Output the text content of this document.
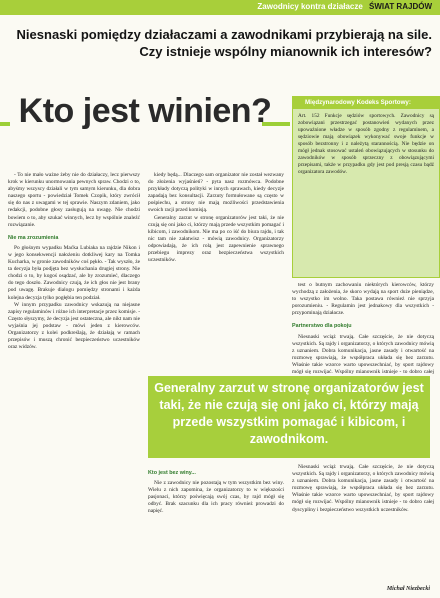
Zawodnicy kontra działacze ŚWIAT RAJDÓW
Niesnaski pomiędzy działaczami a zawodnikami przybierają na sile. Czy istnieje wspólny mianownik ich interesów?
Kto jest winien?	Międzynarodowy Kodeks Sportowy:
Art. 152 Funkcje sędziów sportowych. Zawodnicy są zobowiązani przestrzegać postanowień wydanych przez upoważnione władze w sposób zgodny z regulaminem, a sędziowie mają obowiązek wykonywać swoje funkcje w sposób bezstronny i z należytą starannością. Nie będzie on mógł jednak stosować ustaleń obowiązujących w stosunku do zawodników w sposób sprzeczny z obowiązującymi przepisami, także w przypadku gdy jest pod presją czasu bądź organizatora zawodów.

- To nie mało ważne żeby nie do działaczy, lecz pierwszy krok w kierunku unormowania pewnych spraw. Chodzi o to, abyśmy wszyscy działali w tym samym kierunku, dla dobra naszego sportu - powiedział Tomek Czopik, który zwrócił się do nas z uwagami w tej sprawie. Naszym zdaniem, jako redakcji, podobne głosy zasługują na uwagę. Nie chodzi bowiem o to, aby szukać winnych, lecz by wspólnie znaleźć rozwiązanie.

Nie ma zrozumienia

Po głośnym wypadku Maćka Lubiaka na rajdzie Nikon i w jego konsekwencji nałożeniu dotkliwej kary na Tomka Kucharka, w gronie zawodników coś pękło. - Tak wyszło, że ta decyzja była podjęta bez wysłuchania drugiej strony. Nie chodzi o to, by kogoś osądzać, ale by zrozumieć, dlaczego do tego doszło. Zawodnicy czują, że ich głos nie jest brany pod uwagę. Brakuje dialogu pomiędzy stronami i każda kolejna decyzja tylko pogłębia ten podział.

W innym przypadku zawodnicy wskazują na niejasne zapisy regulaminów i różne ich interpretacje przez komisje. - Często słyszymy, że decyzja jest ostateczna, ale nikt nam nie wyjaśnia jej podstaw - mówi jeden z kierowców. Organizatorzy z kolei podkreślają, że działają w ramach przepisów i muszą chronić bezpieczeństwo uczestników oraz widzów.

kiedy będą... Dlaczego sam organizator nie został wezwany do złożenia wyjaśnień? - pyta nasz rozmówca. Podobne przykłady dotyczą polityki w innych sprawach, kiedy decyzje zapadają bez konsultacji. Zarzuty formułowane są często w pośpiechu, a strony nie mają możliwości przedstawienia swoich racji przed komisją.

Generalny zarzut w stronę organizatorów jest taki, że nie czują się oni jako ci, którzy mają przede wszystkim pomagać i kibicom, i zawodnikom. Nie ma po co iść do biura rajdu, i tak nic tam nie załatwisz - mówią zawodnicy. Organizatorzy odpowiadają, że ich rolą jest zapewnienie sprawnego przebiegu imprezy oraz bezpieczeństwa wszystkich uczestników.

test o butnym zachowaniu niektórych kierowców, którzy wychodzą z założenia, że skoro wydają na sport duże pieniądze, to wszystko im wolno. Taka postawa również nie sprzyja porozumieniu. - Regulamin jest jednakowy dla wszystkich - przypominają działacze.

Partnerstwo dla pokoju

Niesnaski wciąż trwają. Całe szczęście, że nie dotyczą wszystkich. Są rajdy i organizatorzy, o których zawodnicy mówią z uznaniem. Dobra komunikacja, jasne zasady i otwartość na rozmowę sprawiają, że współpraca układa się bez zarzutu. Właśnie takie wzorce warto upowszechniać, by sport rajdowy mógł się rozwijać. Wspólny mianownik istnieje - to dobro całej

Generalny zarzut w stronę organizatorów jest taki, że nie czują się oni jako ci, którzy mają przede wszystkim pomagać i kibicom, i zawodnikom.
Kto jest bez winy...

Nie z zawodnicy nie pozostają w tym wszystkim bez winy. Wielu z nich zapomina, że organizatorzy to w większości pasjonaci, którzy poświęcają swój czas, by rajd mógł się odbyć. Brak szacunku dla ich pracy również prowadzi do napięć.

Niesnaski wciąż trwają. Całe szczęście, że nie dotyczą wszystkich. Są rajdy i organizatorzy, o których zawodnicy mówią z uznaniem. Dobra komunikacja, jasne zasady i otwartość na rozmowę sprawiają, że współpraca układa się bez zarzutu. Właśnie takie wzorce warto upowszechniać, by sport rajdowy mógł się rozwijać. Wspólny mianownik istnieje - to dobro całej dyscypliny i bezpieczeństwo wszystkich uczestników.

Michał Niezbecki
